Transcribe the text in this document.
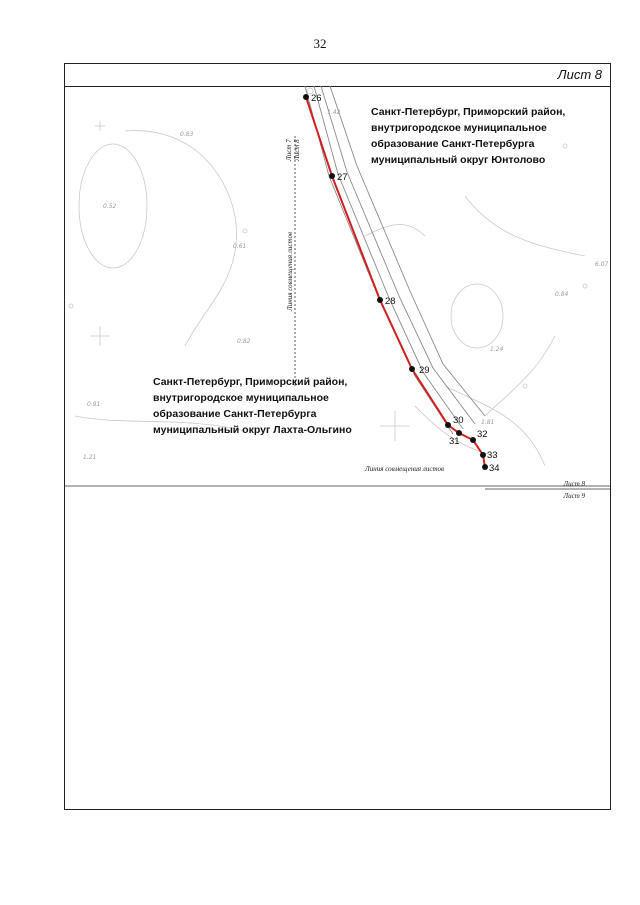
32
Лист 8
Линия совмещения листов
Лист 7 Лист 8
Линия совмещения листов
26
27
28
29
30
31
32
33
34
1.42
0.83
0.52
0.61
0.82
0.91
1.21
1.81
1.24
0.84
6.07
Санкт-Петербург, Приморский район, внутригородское муниципальное образование Санкт-Петербурга муниципальный округ Юнтолово
Санкт-Петербург, Приморский район, внутригородское муниципальное образование Санкт-Петербурга муниципальный округ Лахта-Ольгино
Лист 8
Лист 9
